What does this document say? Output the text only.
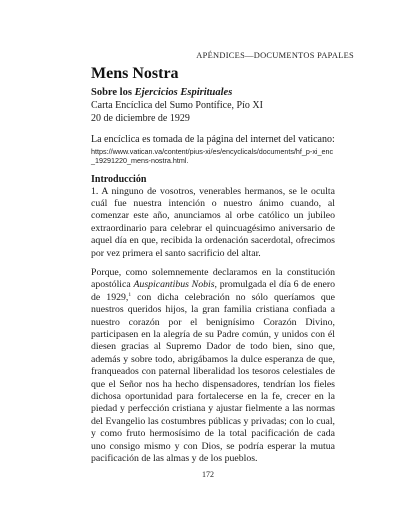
APÉNDICES—DOCUMENTOS PAPALES
Mens Nostra
Sobre los Ejercicios Espirituales
Carta Encíclica del Sumo Pontífice, Pío XI
20 de diciembre de 1929
La encíclica es tomada de la página del internet del vaticano:
https://www.vatican.va/content/pius-xi/es/encyclicals/documents/hf_p-xi_enc_19291220_mens-nostra.html.
Introducción

1. A ninguno de vosotros, venerables hermanos, se le oculta cuál fue nuestra intención o nuestro ánimo cuando, al comenzar este año, anunciamos al orbe católico un jubileo extraordinario para celebrar el quincuagésimo aniversario de aquel día en que, recibida la ordenación sacerdotal, ofrecimos por vez primera el santo sacrificio del altar.

Porque, como solemnemente declaramos en la constitución apostólica Auspicantibus Nobis, promulgada el día 6 de enero de 1929,$^1$ con dicha celebración no sólo queríamos que nuestros queridos hijos, la gran familia cristiana confiada a nuestro corazón por el benignísimo Corazón Divino, participasen en la alegría de su Padre común, y unidos con él diesen gracias al Supremo Dador de todo bien, sino que, además y sobre todo, abrigábamos la dulce esperanza de que, franqueados con paternal liberalidad los tesoros celestiales de que el Señor nos ha hecho dispensadores, tendrían los fieles dichosa oportunidad para fortalecerse en la fe, crecer en la piedad y perfección cristiana y ajustar fielmente a las normas del Evangelio las costumbres públicas y privadas; con lo cual, y como fruto hermosísimo de la total pacificación de cada uno consigo mismo y con Dios, se podría esperar la mutua pacificación de las almas y de los pueblos.

172
